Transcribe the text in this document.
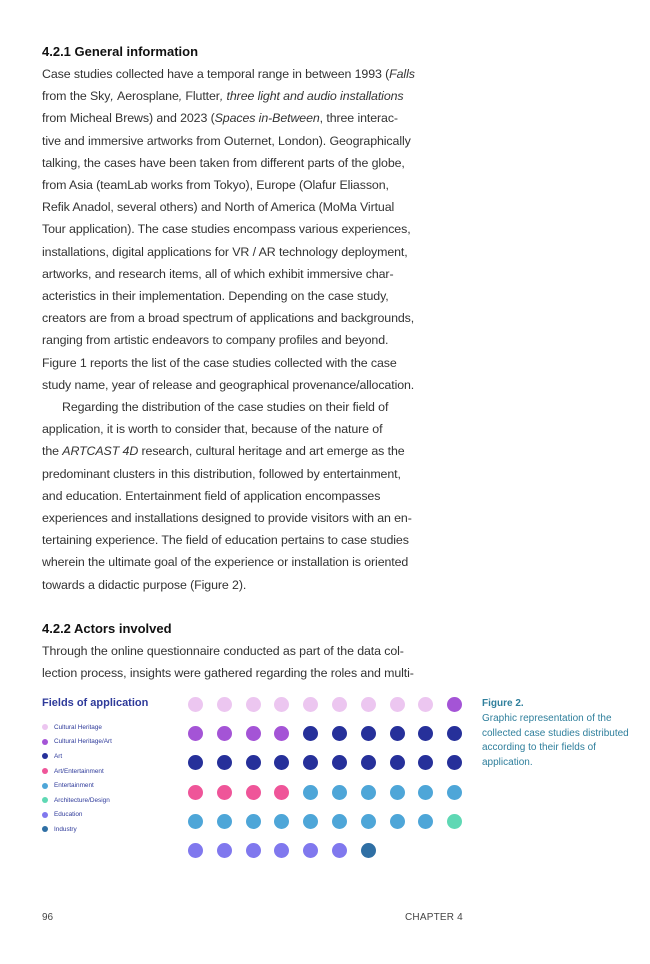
4.2.1 General information
Case studies collected have a temporal range in between 1993 (Falls
from the Sky, Aerosplane, Flutter, three light and audio installations
from Micheal Brews) and 2023 (Spaces in-Between, three interac-
tive and immersive artworks from Outernet, London). Geographically
talking, the cases have been taken from different parts of the globe,
from Asia (teamLab works from Tokyo), Europe (Olafur Eliasson,
Refik Anadol, several others) and North of America (MoMa Virtual
Tour application). The case studies encompass various experiences,
installations, digital applications for VR / AR technology deployment,
artworks, and research items, all of which exhibit immersive char-
acteristics in their implementation. Depending on the case study,
creators are from a broad spectrum of applications and backgrounds,
ranging from artistic endeavors to company profiles and beyond.
Figure 1 reports the list of the case studies collected with the case
study name, year of release and geographical provenance/allocation.
Regarding the distribution of the case studies on their field of
application, it is worth to consider that, because of the nature of
the ARTCAST 4D research, cultural heritage and art emerge as the
predominant clusters in this distribution, followed by entertainment,
and education. Entertainment field of application encompasses
experiences and installations designed to provide visitors with an en-
tertaining experience. The field of education pertains to case studies
wherein the ultimate goal of the experience or installation is oriented
towards a didactic purpose (Figure 2).
4.2.2 Actors involved
Through the online questionnaire conducted as part of the data col-
lection process, insights were gathered regarding the roles and multi-
Fields of application
Cultural Heritage
Cultural Heritage/Art
Art
Art/Entertainment
Entertainment
Architecture/Design
Education
Industry
Figure 2.
Graphic representation of the collected case studies distributed according to their fields of application.
96	CHAPTER 4
